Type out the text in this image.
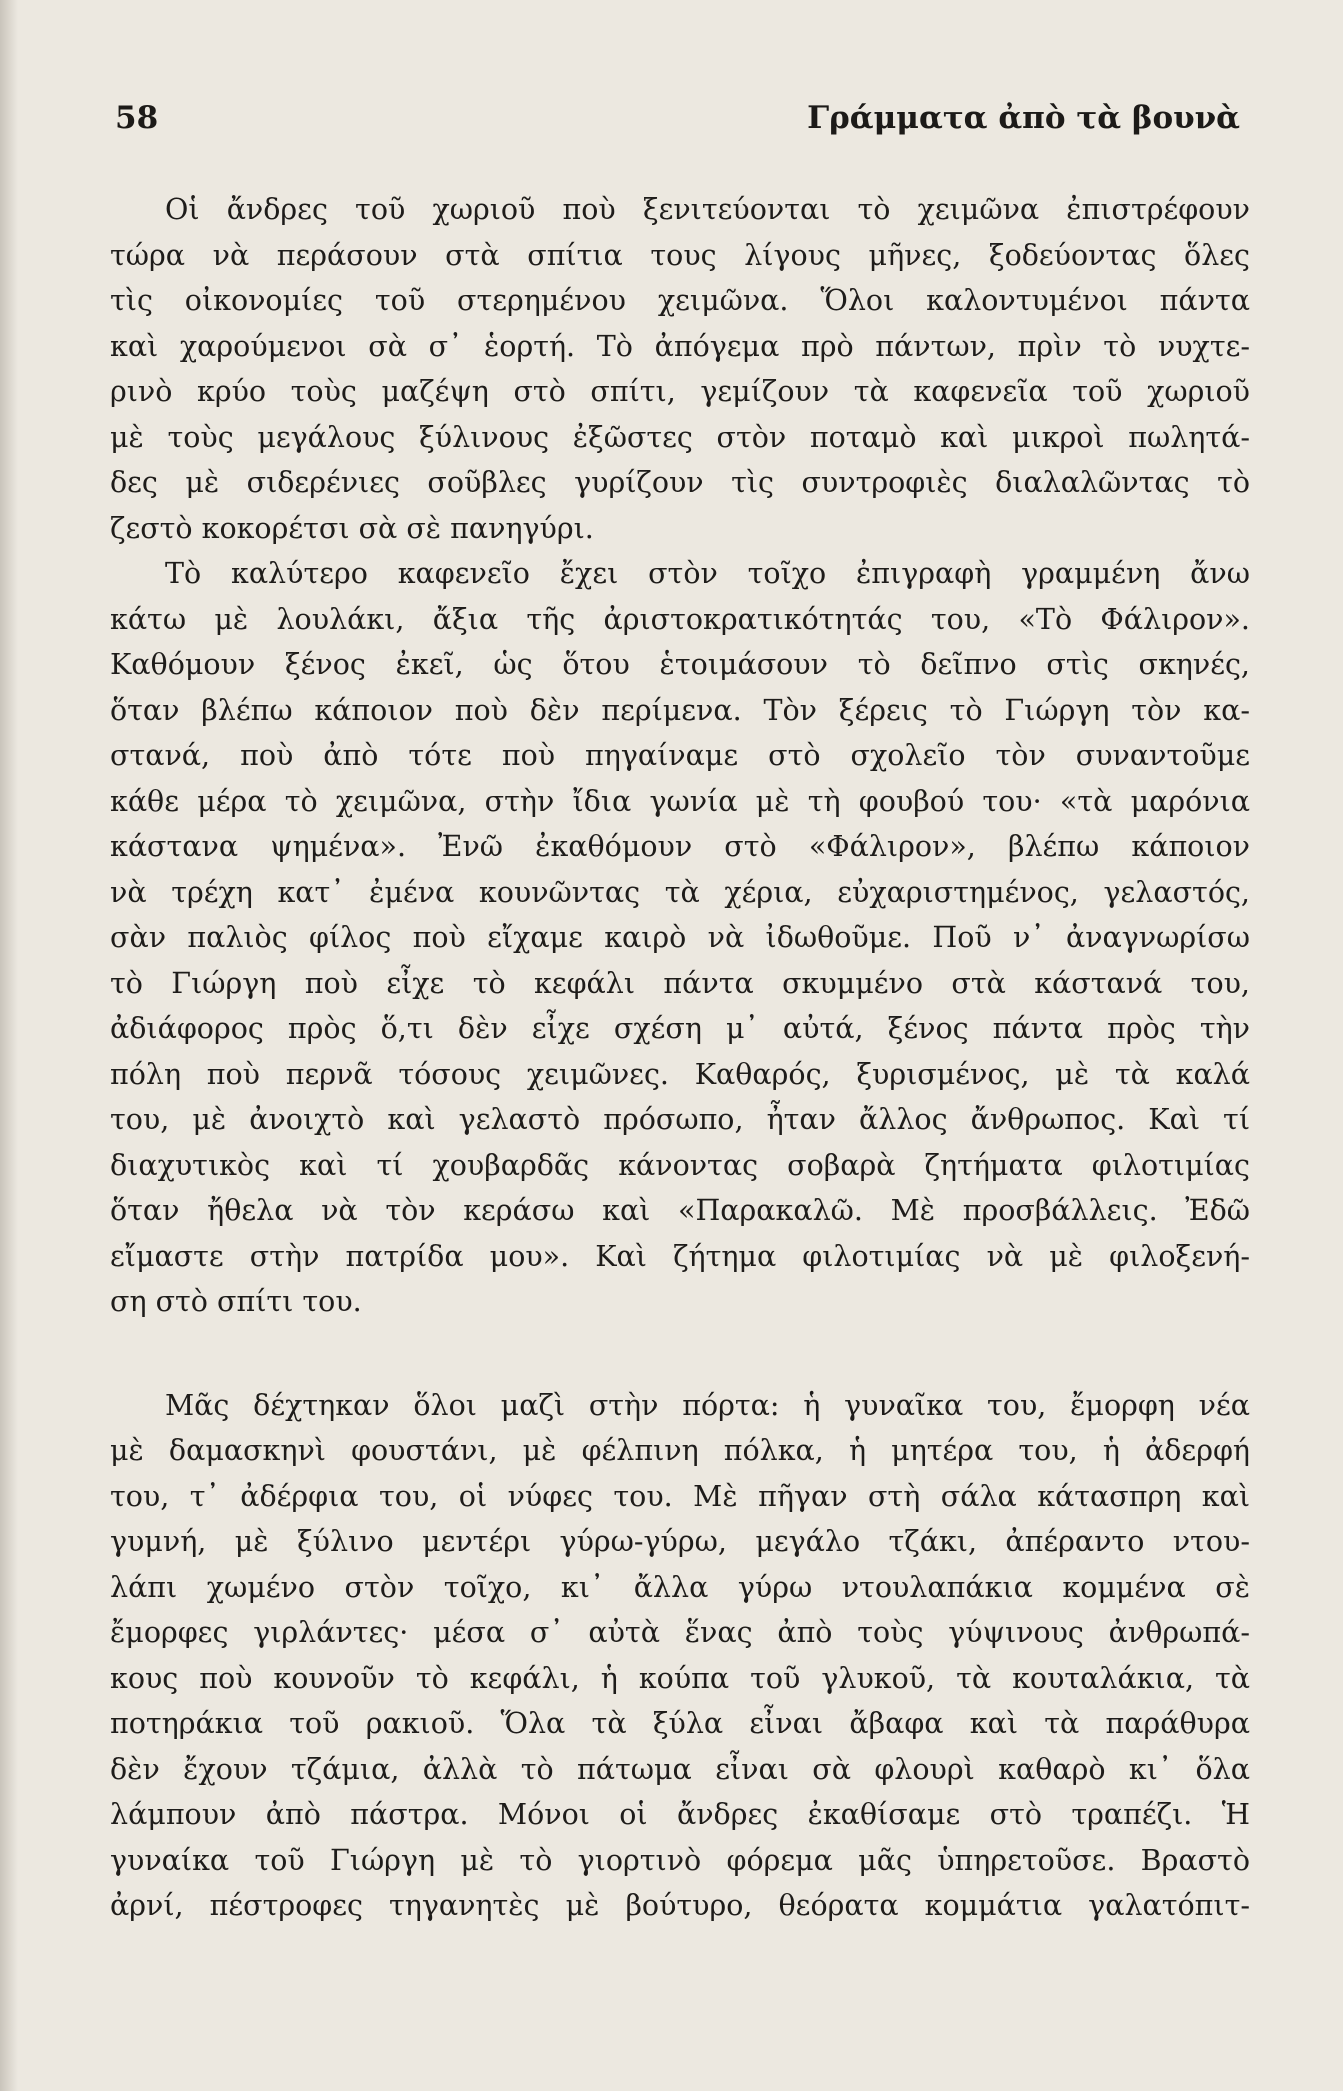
58	Γράμματα ἀπὸ τὰ βουνὰ
Οἱ ἄνδρες τοῦ χωριοῦ ποὺ ξενιτεύονται τὸ χειμῶνα ἐπιστρέφουν
τώρα νὰ περάσουν στὰ σπίτια τους λίγους μῆνες, ξοδεύοντας ὅλες
τὶς οἰκονομίες τοῦ στερημένου χειμῶνα. Ὅλοι καλοντυμένοι πάντα
καὶ χαρούμενοι σὰ σ᾿ ἑορτή. Τὸ ἀπόγεμα πρὸ πάντων, πρὶν τὸ νυχτε-
ρινὸ κρύο τοὺς μαζέψη στὸ σπίτι, γεμίζουν τὰ καφενεῖα τοῦ χωριοῦ
μὲ τοὺς μεγάλους ξύλινους ἐξῶστες στὸν ποταμὸ καὶ μικροὶ πωλητά-
δες μὲ σιδερένιες σοῦβλες γυρίζουν τὶς συντροφιὲς διαλαλῶντας τὸ
ζεστὸ κοκορέτσι σὰ σὲ πανηγύρι.
Τὸ καλύτερο καφενεῖο ἔχει στὸν τοῖχο ἐπιγραφὴ γραμμένη ἄνω
κάτω μὲ λουλάκι, ἄξια τῆς ἀριστοκρατικότητάς του, «Τὸ Φάλιρον».
Καθόμουν ξένος ἐκεῖ, ὡς ὅτου ἑτοιμάσουν τὸ δεῖπνο στὶς σκηνές,
ὅταν βλέπω κάποιον ποὺ δὲν περίμενα. Τὸν ξέρεις τὸ Γιώργη τὸν κα-
στανά, ποὺ ἀπὸ τότε ποὺ πηγαίναμε στὸ σχολεῖο τὸν συναντοῦμε
κάθε μέρα τὸ χειμῶνα, στὴν ἴδια γωνία μὲ τὴ φουβού του· «τὰ μαρόνια
κάστανα ψημένα». Ἐνῶ ἐκαθόμουν στὸ «Φάλιρον», βλέπω κάποιον
νὰ τρέχη κατ᾿ ἐμένα κουνῶντας τὰ χέρια, εὐχαριστημένος, γελαστός,
σὰν παλιὸς φίλος ποὺ εἴχαμε καιρὸ νὰ ἰδωθοῦμε. Ποῦ ν᾿ ἀναγνωρίσω
τὸ Γιώργη ποὺ εἶχε τὸ κεφάλι πάντα σκυμμένο στὰ κάστανά του,
ἀδιάφορος πρὸς ὅ,τι δὲν εἶχε σχέση μ᾿ αὐτά, ξένος πάντα πρὸς τὴν
πόλη ποὺ περνᾶ τόσους χειμῶνες. Καθαρός, ξυρισμένος, μὲ τὰ καλά
του, μὲ ἀνοιχτὸ καὶ γελαστὸ πρόσωπο, ἦταν ἄλλος ἄνθρωπος. Καὶ τί
διαχυτικὸς καὶ τί χουβαρδᾶς κάνοντας σοβαρὰ ζητήματα φιλοτιμίας
ὅταν ἤθελα νὰ τὸν κεράσω καὶ «Παρακαλῶ. Μὲ προσβάλλεις. Ἐδῶ
εἴμαστε στὴν πατρίδα μου». Καὶ ζήτημα φιλοτιμίας νὰ μὲ φιλοξενή-
ση στὸ σπίτι του.
Μᾶς δέχτηκαν ὅλοι μαζὶ στὴν πόρτα: ἡ γυναῖκα του, ἔμορφη νέα
μὲ δαμασκηνὶ φουστάνι, μὲ φέλπινη πόλκα, ἡ μητέρα του, ἡ ἀδερφή
του, τ᾿ ἀδέρφια του, οἱ νύφες του. Μὲ πῆγαν στὴ σάλα κάτασπρη καὶ
γυμνή, μὲ ξύλινο μεντέρι γύρω-γύρω, μεγάλο τζάκι, ἀπέραντο ντου-
λάπι χωμένο στὸν τοῖχο, κι᾿ ἄλλα γύρω ντουλαπάκια κομμένα σὲ
ἔμορφες γιρλάντες· μέσα σ᾿ αὐτὰ ἕνας ἀπὸ τοὺς γύψινους ἀνθρωπά-
κους ποὺ κουνοῦν τὸ κεφάλι, ἡ κούπα τοῦ γλυκοῦ, τὰ κουταλάκια, τὰ
ποτηράκια τοῦ ρακιοῦ. Ὅλα τὰ ξύλα εἶναι ἄβαφα καὶ τὰ παράθυρα
δὲν ἔχουν τζάμια, ἀλλὰ τὸ πάτωμα εἶναι σὰ φλουρὶ καθαρὸ κι᾿ ὅλα
λάμπουν ἀπὸ πάστρα. Μόνοι οἱ ἄνδρες ἐκαθίσαμε στὸ τραπέζι. Ἡ
γυναίκα τοῦ Γιώργη μὲ τὸ γιορτινὸ φόρεμα μᾶς ὑπηρετοῦσε. Βραστὸ
ἀρνί, πέστροφες τηγανητὲς μὲ βούτυρο, θεόρατα κομμάτια γαλατόπιτ-
